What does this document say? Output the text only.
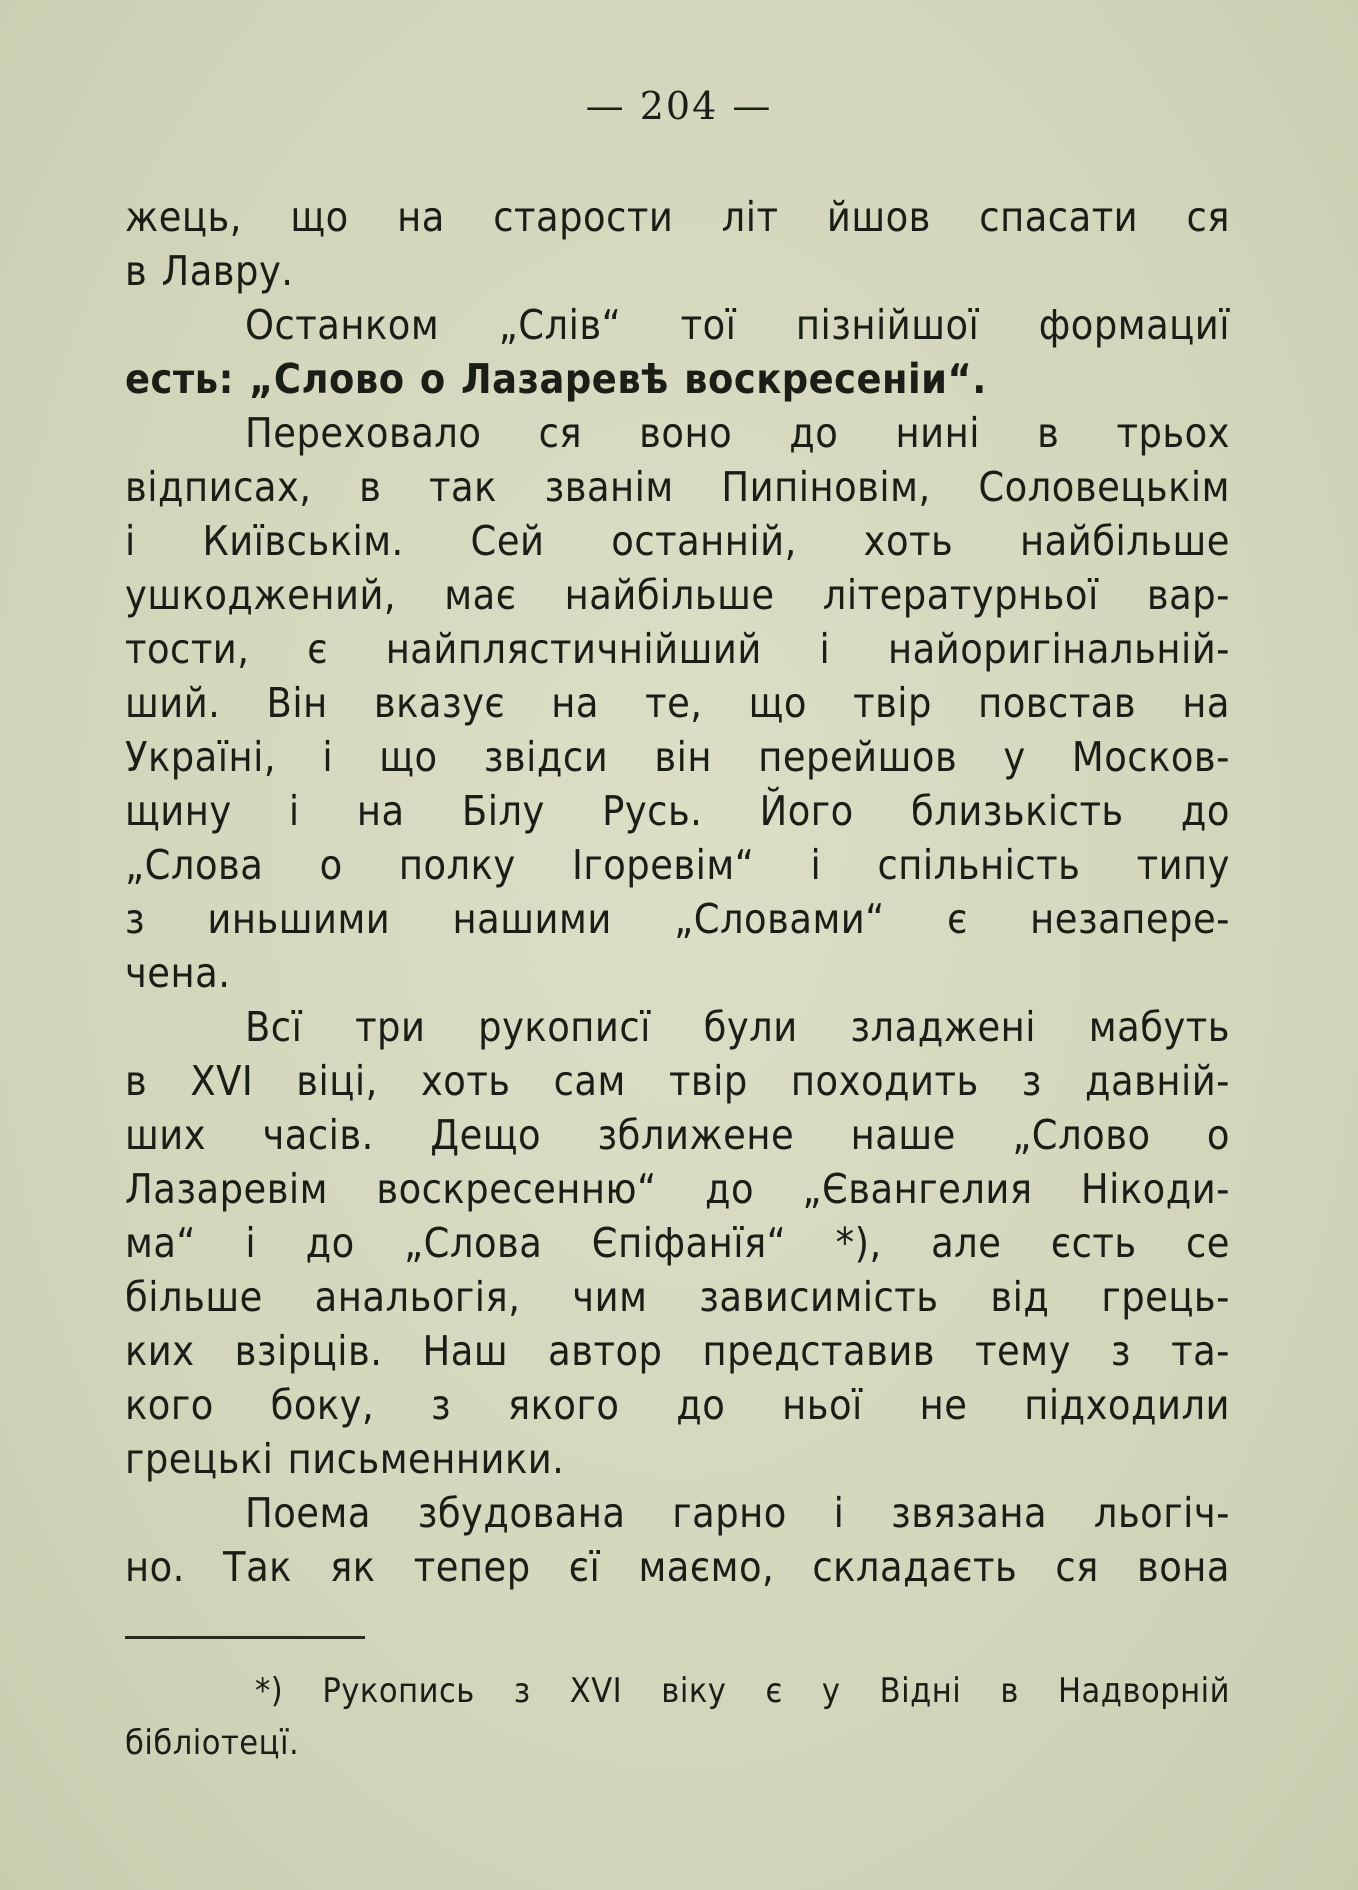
— 204 —
жець, що на старости літ йшов спасати ся
в Лавру.
Останком „Слів“ тої пізнійшої формациї
есть: „Слово о Лазаревѣ воскресеніи“.
Переховало ся воно до нині в трьох
відписах, в так званім Пипіновім, Соловецькім
і Київськім. Сей останній, хоть найбільше
ушкоджений, має найбільше літературньої вар-
тости, є найплястичнійший і найоригінальній-
ший. Він вказує на те, що твір повстав на
Україні, і що звідси він перейшов у Москов-
щину і на Білу Русь. Його близькість до
„Слова о полку Ігоревім“ і спільність типу
з иньшими нашими „Словами“ є незапере-
чена.
Всї три рукописї були зладжені мабуть
в XVI віці, хоть сам твір походить з давній-
ших часів. Дещо зближене наше „Слово о
Лазаревім воскресенню“ до „Євангелия Нікоди-
ма“ і до „Слова Єпіфанїя“ *), але єсть се
більше анальогія, чим зависимість від грець-
ких взірців. Наш автор представив тему з та-
кого боку, з якого до ньої не підходили
грецькі письменники.
Поема збудована гарно і звязана льогіч-
но. Так як тепер єї маємо, складаєть ся вона
*) Рукопись з XVI віку є у Відні в Надворній
бібліотецї.
